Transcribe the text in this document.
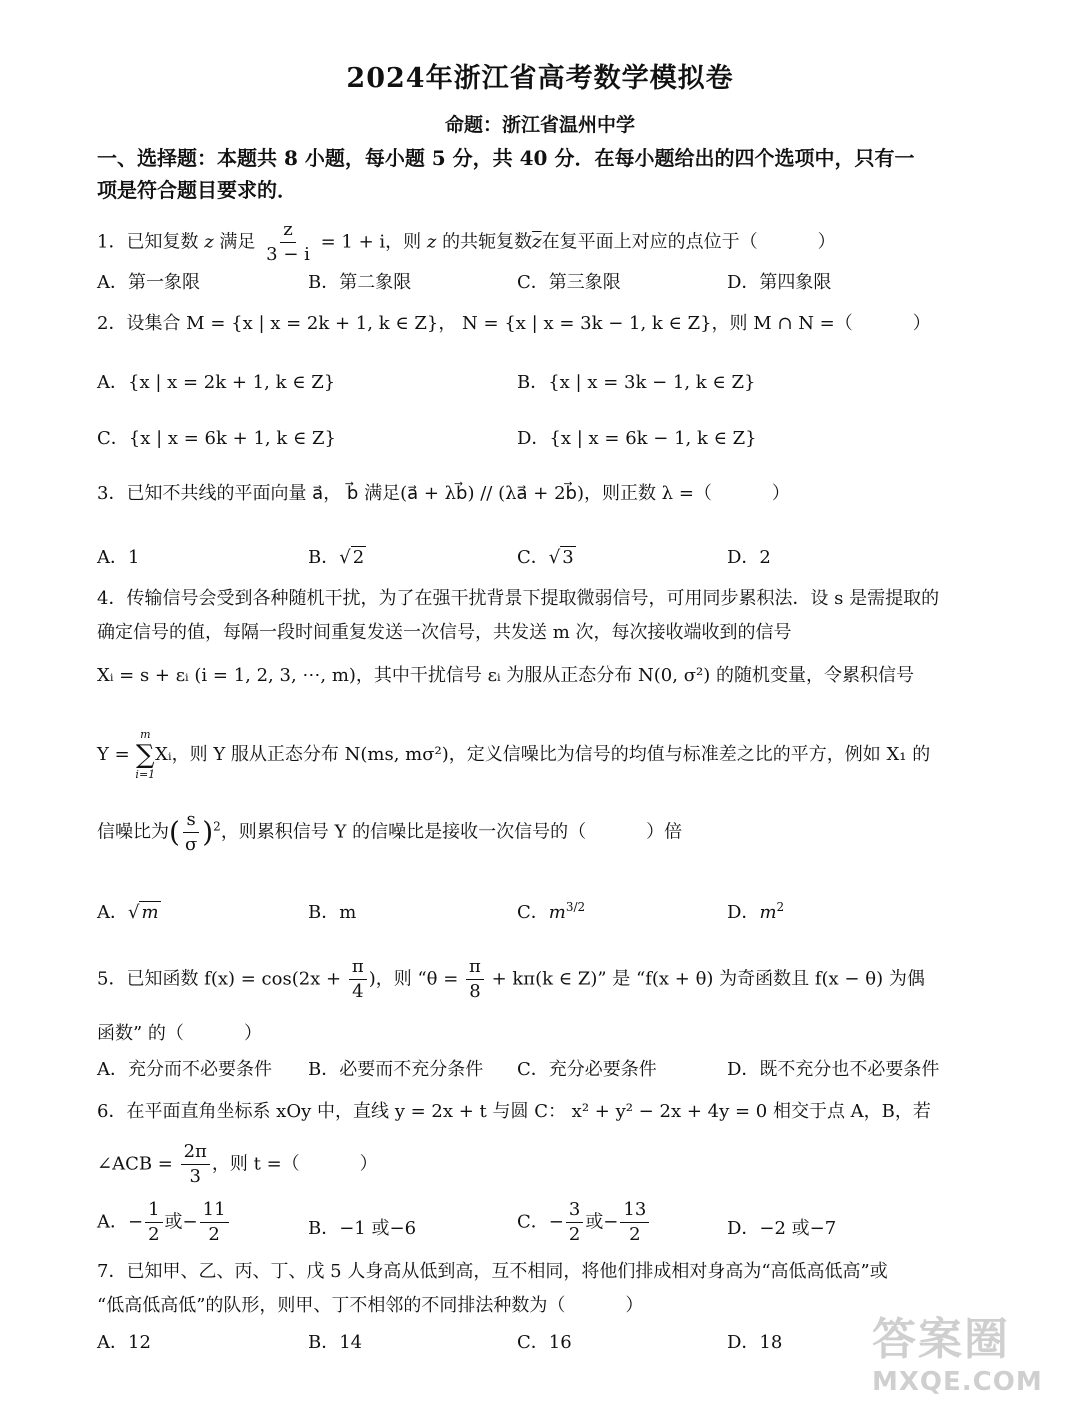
2024年浙江省高考数学模拟卷
命题：浙江省温州中学
一、选择题：本题共 8 小题，每小题 5 分，共 40 分．在每小题给出的四个选项中，只有一
项是符合题目要求的．
1．已知复数 z 满足 $\frac{z}{3 - i} = 1 + i$，则 z 的共轭复数$\overline{z}$在复平面上对应的点位于（	）
A．第一象限	B．第二象限	C．第三象限	D．第四象限
2．设集合 M = {x | x = 2k + 1, k ∈ Z}， N = {x | x = 3k − 1, k ∈ Z}，则 M ∩ N =（	）
A．{x | x = 2k + 1, k ∈ Z}	B．{x | x = 3k − 1, k ∈ Z}
C．{x | x = 6k + 1, k ∈ Z}	D．{x | x = 6k − 1, k ∈ Z}
3．已知不共线的平面向量 a⃗， b⃗ 满足(a⃗ + λb⃗) // (λa⃗ + 2b⃗)，则正数 λ =（	）
A．1	B．√ 2	C．√ 3	D．2
4．传输信号会受到各种随机干扰，为了在强干扰背景下提取微弱信号，可用同步累积法．设 s 是需提取的
确定信号的值，每隔一段时间重复发送一次信号，共发送 m 次，每次接收端收到的信号
Xᵢ = s + εᵢ (i = 1, 2, 3, ⋯, m)，其中干扰信号 εᵢ 为服从正态分布 N(0, σ²) 的随机变量，令累积信号
Y =
m
∑
i=1
Xᵢ，则 Y 服从正态分布 N(ms, mσ²)，定义信噪比为信号的均值与标准差之比的平方，例如 X₁ 的
信噪比为( $\frac{s}{\sigma} )^2$，则累积信号 Y 的信噪比是接收一次信号的（	）倍
A．√ m	B．m	C．$m^{3/2}$	D．$m^2$
5．已知函数 $f(x) = \cos(2x + \frac{\pi}{4}$ )，则 “$\theta = \frac{\pi}{8} + k\pi(k$ ∈ Z)” 是 “f(x + θ) 为奇函数且 f(x − θ) 为偶
函数” 的（	）
A．充分而不必要条件 B．必要而不充分条件 C．充分必要条件	D．既不充分也不必要条件
6．在平面直角坐标系 xOy 中，直线 y = 2x + t 与圆 C： x² + y² − 2x + 4y = 0 相交于点 A，B，若
∠ACB = $\frac{2\pi}{3}$ ，则 t =（	）
A．− $\frac{1}{2}$ 或− $\frac{11}{2}$	B．−1 或−6	C．− $\frac{3}{2}$ 或− $\frac{13}{2}$	D．−2 或−7
7．已知甲、乙、丙、丁、戊 5 人身高从低到高，互不相同，将他们排成相对身高为“高低高低高”或
“低高低高低”的队形，则甲、丁不相邻的不同排法种数为（	）
A．12	B．14	C．16	D．18 答案圈
MXQE.COM
